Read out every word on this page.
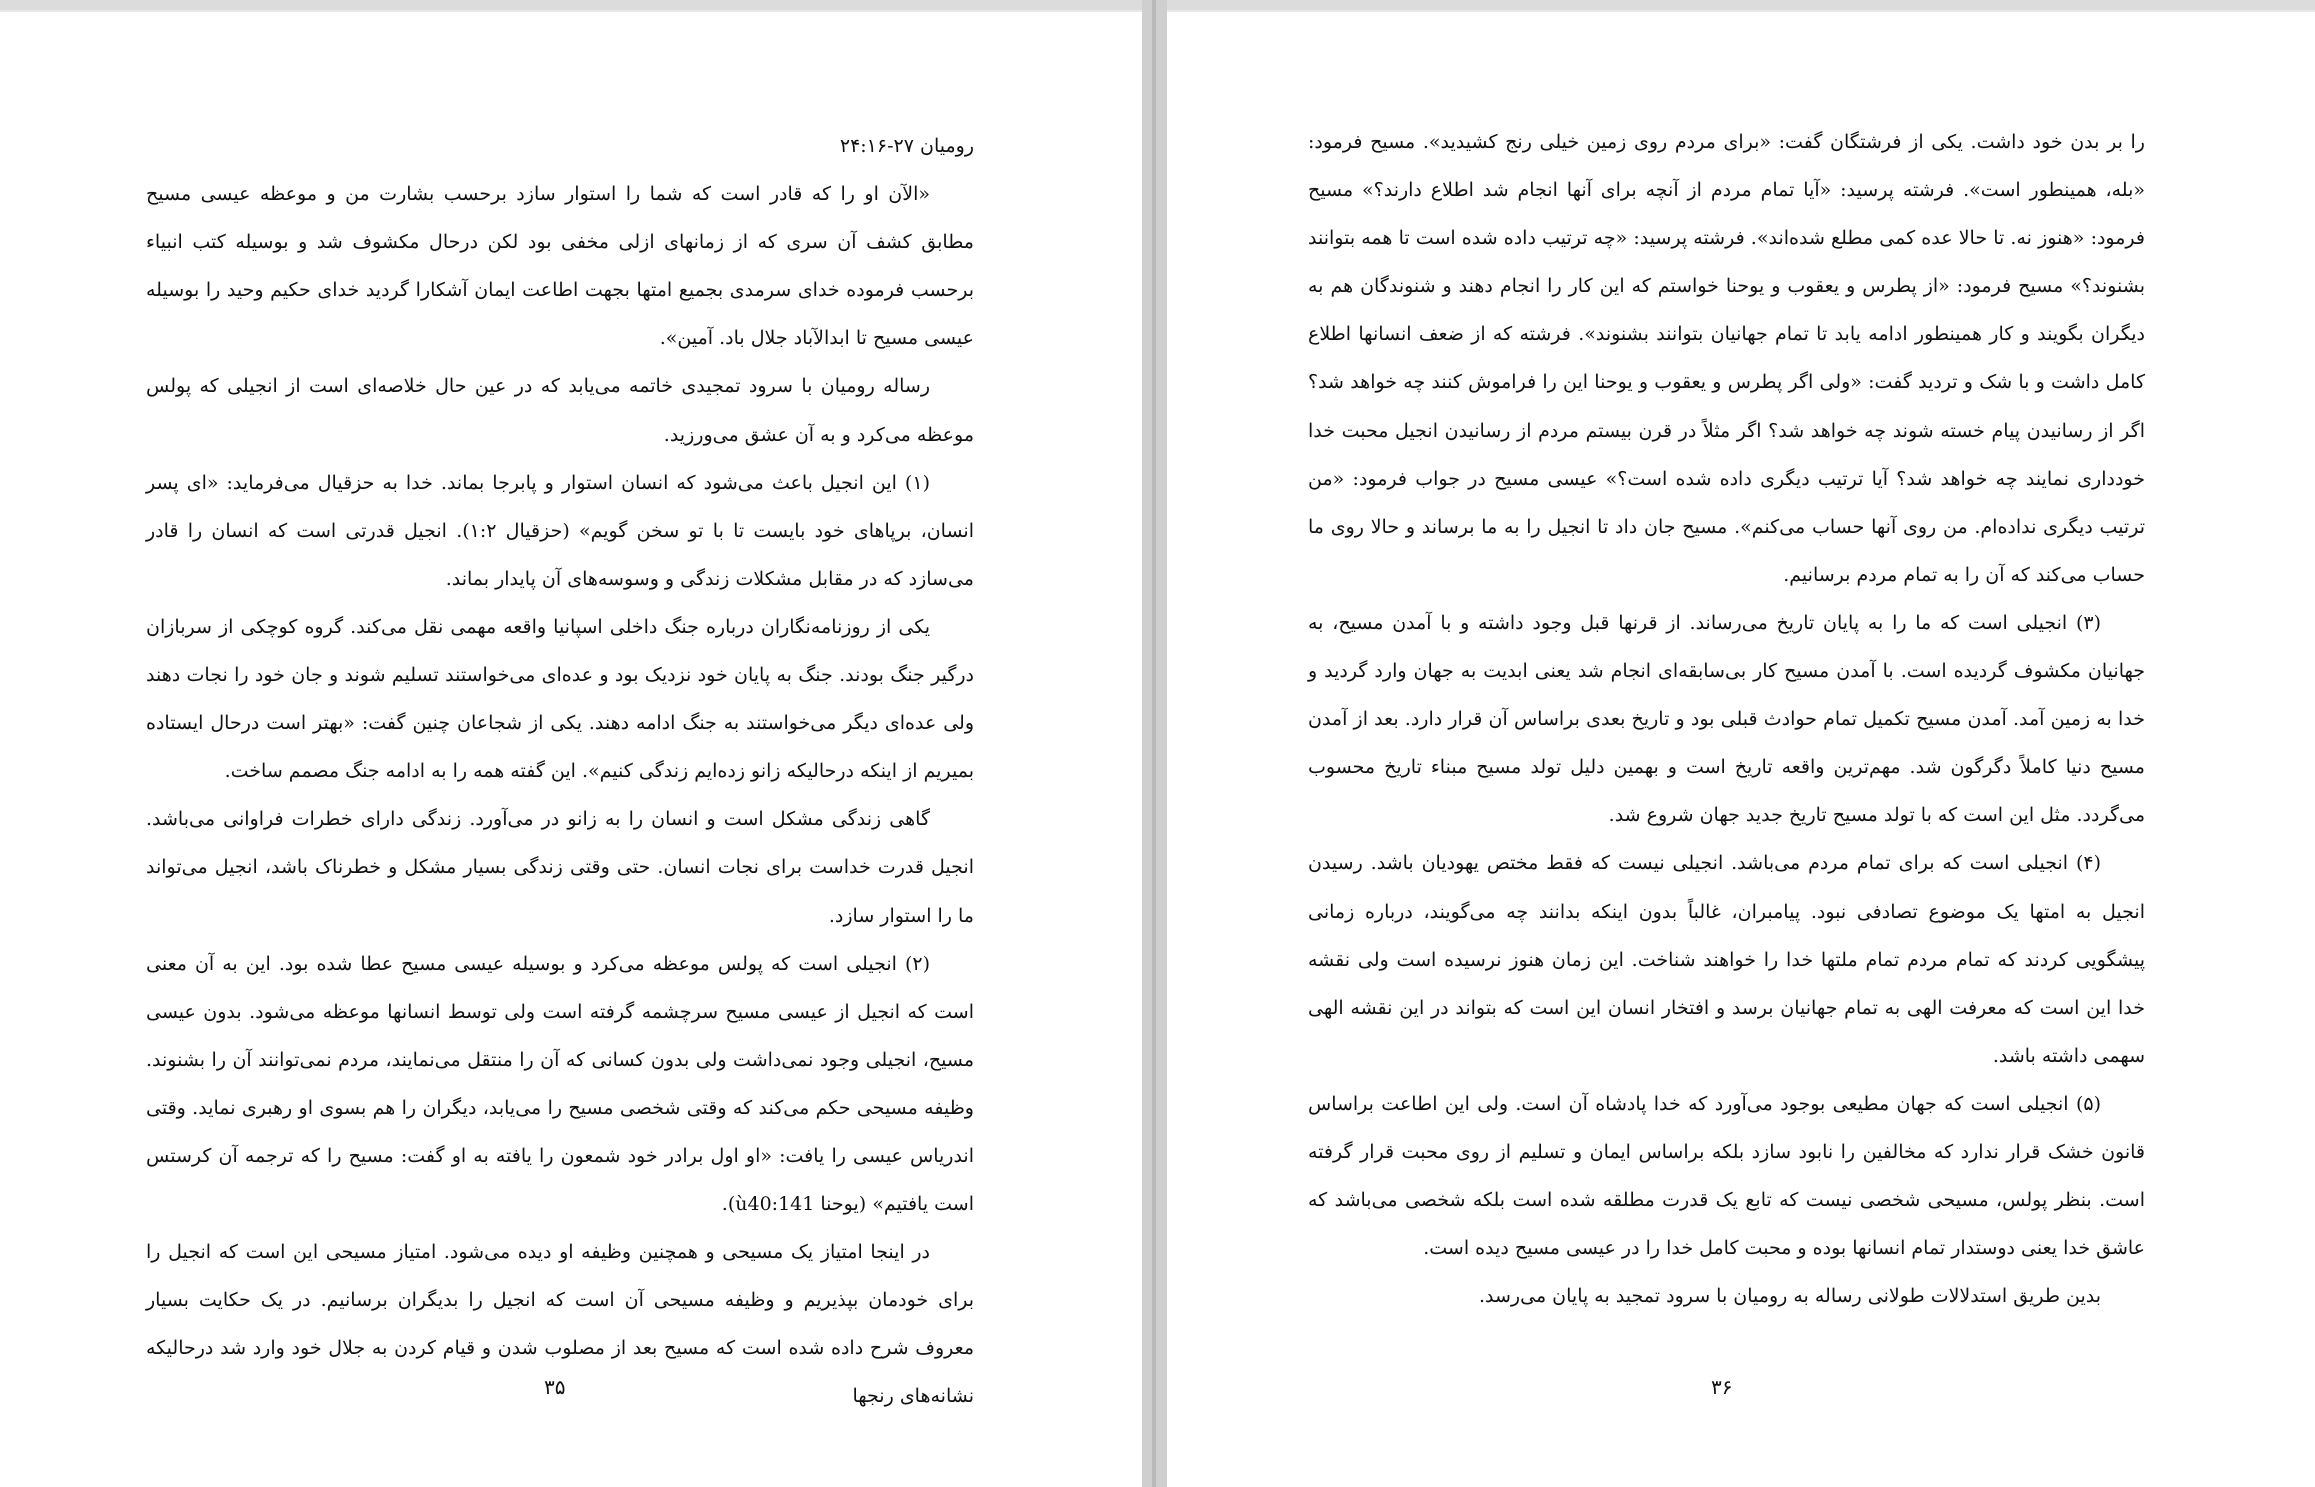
رومیان ۲۷-۲۴:۱۶

«الآن او را که قادر است که شما را استوار سازد برحسب بشارت من و موعظه عیسی مسیح مطابق کشف آن سری که از زمانهای ازلی مخفی بود لکن درحال مکشوف شد و بوسیله کتب انبیاء برحسب فرموده خدای سرمدی بجمیع امتها بجهت اطاعت ایمان آشکارا گردید خدای حکیم وحید را بوسیله عیسی مسیح تا ابدالآباد جلال باد. آمین».

رساله رومیان با سرود تمجیدی خاتمه می‌یابد که در عین حال خلاصه‌ای است از انجیلی که پولس موعظه می‌کرد و به آن عشق می‌ورزید.

(۱) این انجیل باعث می‌شود که انسان استوار و پابرجا بماند. خدا به حزقیال می‌فرماید: «ای پسر انسان، برپاهای خود بایست تا با تو سخن گویم» (حزقیال ۱:۲). انجیل قدرتی است که انسان را قادر می‌سازد که در مقابل مشکلات زندگی و وسوسه‌های آن پایدار بماند.

یکی از روزنامه‌نگاران درباره جنگ داخلی اسپانیا واقعه مهمی نقل می‌کند. گروه کوچکی از سربازان درگیر جنگ بودند. جنگ به پایان خود نزدیک بود و عده‌ای می‌خواستند تسلیم شوند و جان خود را نجات دهند ولی عده‌ای دیگر می‌خواستند به جنگ ادامه دهند. یکی از شجاعان چنین گفت: «بهتر است درحال ایستاده بمیریم از اینکه درحالیکه زانو زده‌ایم زندگی کنیم». این گفته همه را به ادامه جنگ مصمم ساخت.

گاهی زندگی مشکل است و انسان را به زانو در می‌آورد. زندگی دارای خطرات فراوانی می‌باشد. انجیل قدرت خداست برای نجات انسان. حتی وقتی زندگی بسیار مشکل و خطرناک باشد، انجیل می‌تواند ما را استوار سازد.

(۲) انجیلی است که پولس موعظه می‌کرد و بوسیله عیسی مسیح عطا شده بود. این به آن معنی است که انجیل از عیسی مسیح سرچشمه گرفته است ولی توسط انسانها موعظه می‌شود. بدون عیسی مسیح، انجیلی وجود نمی‌داشت ولی بدون کسانی که آن را منتقل می‌نمایند، مردم نمی‌توانند آن را بشنوند. وظیفه مسیحی حکم می‌کند که وقتی شخصی مسیح را می‌یابد، دیگران را هم بسوی او رهبری نماید. وقتی اندریاس عیسی را یافت: «او اول برادر خود شمعون را یافته به او گفت: مسیح را که ترجمه آن کرستس است یافتیم» (یوحنا ù40:141).

در اینجا امتیاز یک مسیحی و همچنین وظیفه او دیده می‌شود. امتیاز مسیحی این است که انجیل را برای خودمان بپذیریم و وظیفه مسیحی آن است که انجیل را بدیگران برسانیم. در یک حکایت بسیار معروف شرح داده شده است که مسیح بعد از مصلوب شدن و قیام کردن به جلال خود وارد شد درحالیکه نشانه‌های رنجها

۳۵

را بر بدن خود داشت. یکی از فرشتگان گفت: «برای مردم روی زمین خیلی رنج کشیدید». مسیح فرمود: «بله، همینطور است». فرشته پرسید: «آیا تمام مردم از آنچه برای آنها انجام شد اطلاع دارند؟» مسیح فرمود: «هنوز نه. تا حالا عده کمی مطلع شده‌اند». فرشته پرسید: «چه ترتیب داده شده است تا همه بتوانند بشنوند؟» مسیح فرمود: «از پطرس و یعقوب و یوحنا خواستم که این کار را انجام دهند و شنوندگان هم به دیگران بگویند و کار همینطور ادامه یابد تا تمام جهانیان بتوانند بشنوند». فرشته که از ضعف انسانها اطلاع کامل داشت و با شک و تردید گفت: «ولی اگر پطرس و یعقوب و یوحنا این را فراموش کنند چه خواهد شد؟ اگر از رسانیدن پیام خسته شوند چه خواهد شد؟ اگر مثلاً در قرن بیستم مردم از رسانیدن انجیل محبت خدا خودداری نمایند چه خواهد شد؟ آیا ترتیب دیگری داده شده است؟» عیسی مسیح در جواب فرمود: «من ترتیب دیگری نداده‌ام. من روی آنها حساب می‌کنم». مسیح جان داد تا انجیل را به ما برساند و حالا روی ما حساب می‌کند که آن را به تمام مردم برسانیم.

(۳) انجیلی است که ما را به پایان تاریخ می‌رساند. از قرنها قبل وجود داشته و با آمدن مسیح، به جهانیان مکشوف گردیده است. با آمدن مسیح کار بی‌سابقه‌ای انجام شد یعنی ابدیت به جهان وارد گردید و خدا به زمین آمد. آمدن مسیح تکمیل تمام حوادث قبلی بود و تاریخ بعدی براساس آن قرار دارد. بعد از آمدن مسیح دنیا کاملاً دگرگون شد. مهم‌ترین واقعه تاریخ است و بهمین دلیل تولد مسیح مبناء تاریخ محسوب می‌گردد. مثل این است که با تولد مسیح تاریخ جدید جهان شروع شد.

(۴) انجیلی است که برای تمام مردم می‌باشد. انجیلی نیست که فقط مختص یهودیان باشد. رسیدن انجیل به امتها یک موضوع تصادفی نبود. پیامبران، غالباً بدون اینکه بدانند چه می‌گویند، درباره زمانی پیشگویی کردند که تمام مردم تمام ملتها خدا را خواهند شناخت. این زمان هنوز نرسیده است ولی نقشه خدا این است که معرفت الهی به تمام جهانیان برسد و افتخار انسان این است که بتواند در این نقشه الهی سهمی داشته باشد.

(۵) انجیلی است که جهان مطیعی بوجود می‌آورد که خدا پادشاه آن است. ولی این اطاعت براساس قانون خشک قرار ندارد که مخالفین را نابود سازد بلکه براساس ایمان و تسلیم از روی محبت قرار گرفته است. بنظر پولس، مسیحی شخصی نیست که تابع یک قدرت مطلقه شده است بلکه شخصی می‌باشد که عاشق خدا یعنی دوستدار تمام انسانها بوده و محبت کامل خدا را در عیسی مسیح دیده است.

بدین طریق استدلالات طولانی رساله به رومیان با سرود تمجید به پایان می‌رسد.

۳۶
